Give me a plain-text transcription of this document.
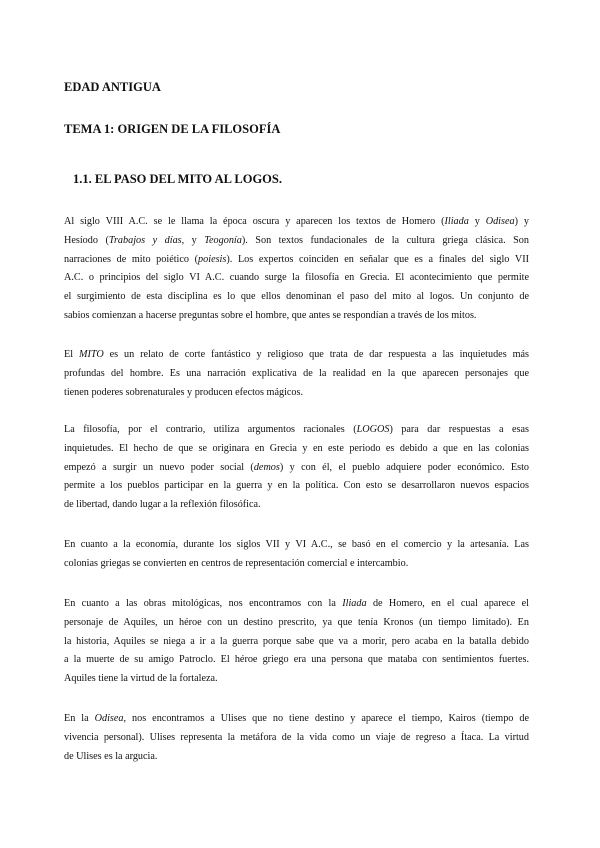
EDAD ANTIGUA
TEMA 1: ORIGEN DE LA FILOSOFÍA
1.1. EL PASO DEL MITO AL LOGOS.
Al siglo VIII A.C. se le llama la época oscura y aparecen los textos de Homero (Iliada y Odisea) y
Hesíodo (Trabajos y días, y Teogonía). Son textos fundacionales de la cultura griega clásica. Son
narraciones de mito poiético (poiesis). Los expertos coinciden en señalar que es a finales del siglo VII
A.C. o principios del siglo VI A.C. cuando surge la filosofía en Grecia. El acontecimiento que permite
el surgimiento de esta disciplina es lo que ellos denominan el paso del mito al logos. Un conjunto de
sabios comienzan a hacerse preguntas sobre el hombre, que antes se respondían a través de los mitos.
El MITO es un relato de corte fantástico y religioso que trata de dar respuesta a las inquietudes más
profundas del hombre. Es una narración explicativa de la realidad en la que aparecen personajes que
tienen poderes sobrenaturales y producen efectos mágicos.
La filosofía, por el contrario, utiliza argumentos racionales (LOGOS) para dar respuestas a esas
inquietudes. El hecho de que se originara en Grecia y en este periodo es debido a que en las colonias
empezó a surgir un nuevo poder social (demos) y con él, el pueblo adquiere poder económico. Esto
permite a los pueblos participar en la guerra y en la política. Con esto se desarrollaron nuevos espacios
de libertad, dando lugar a la reflexión filosófica.
En cuanto a la economía, durante los siglos VII y VI A.C., se basó en el comercio y la artesanía. Las
colonias griegas se convierten en centros de representación comercial e intercambio.
En cuanto a las obras mitológicas, nos encontramos con la Iliada de Homero, en el cual aparece el
personaje de Aquiles, un héroe con un destino prescrito, ya que tenía Kronos (un tiempo limitado). En
la historia, Aquiles se niega a ir a la guerra porque sabe que va a morir, pero acaba en la batalla debido
a la muerte de su amigo Patroclo. El héroe griego era una persona que mataba con sentimientos fuertes.
Aquiles tiene la virtud de la fortaleza.
En la Odisea, nos encontramos a Ulises que no tiene destino y aparece el tiempo, Kairos (tiempo de
vivencia personal). Ulises representa la metáfora de la vida como un viaje de regreso a Ítaca. La virtud
de Ulises es la argucia.
